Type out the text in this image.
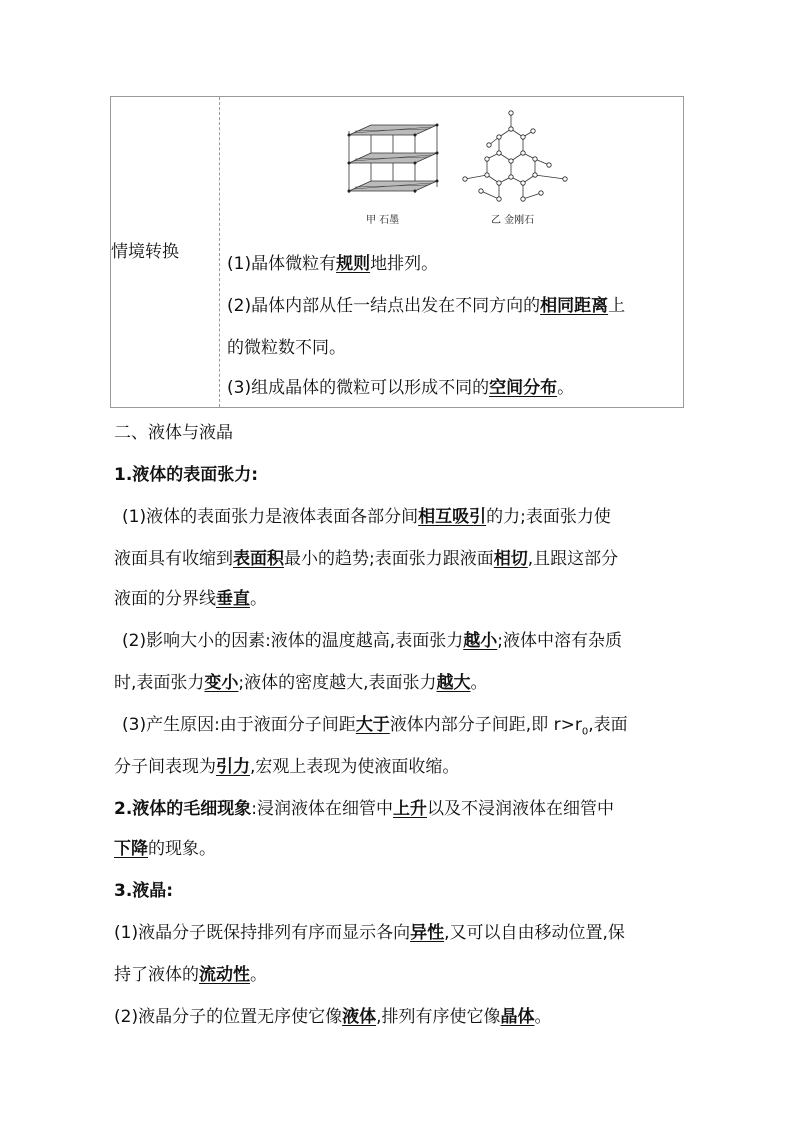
情境转换
甲 石墨	乙 金刚石
(1)晶体微粒有规则地排列。
(2)晶体内部从任一结点出发在不同方向的相同距离上
的微粒数不同。
(3)组成晶体的微粒可以形成不同的空间分布。
二、液体与液晶
1.液体的表面张力:
(1)液体的表面张力是液体表面各部分间相互吸引的力;表面张力使
液面具有收缩到表面积最小的趋势;表面张力跟液面相切,且跟这部分
液面的分界线垂直。
(2)影响大小的因素:液体的温度越高,表面张力越小;液体中溶有杂质
时,表面张力变小;液体的密度越大,表面张力越大。
(3)产生原因:由于液面分子间距大于液体内部分子间距,即 $r>r_0$,表面
分子间表现为引力,宏观上表现为使液面收缩。
2.液体的毛细现象:浸润液体在细管中上升以及不浸润液体在细管中
下降的现象。
3.液晶:
(1)液晶分子既保持排列有序而显示各向异性,又可以自由移动位置,保
持了液体的流动性。
(2)液晶分子的位置无序使它像液体,排列有序使它像晶体。
